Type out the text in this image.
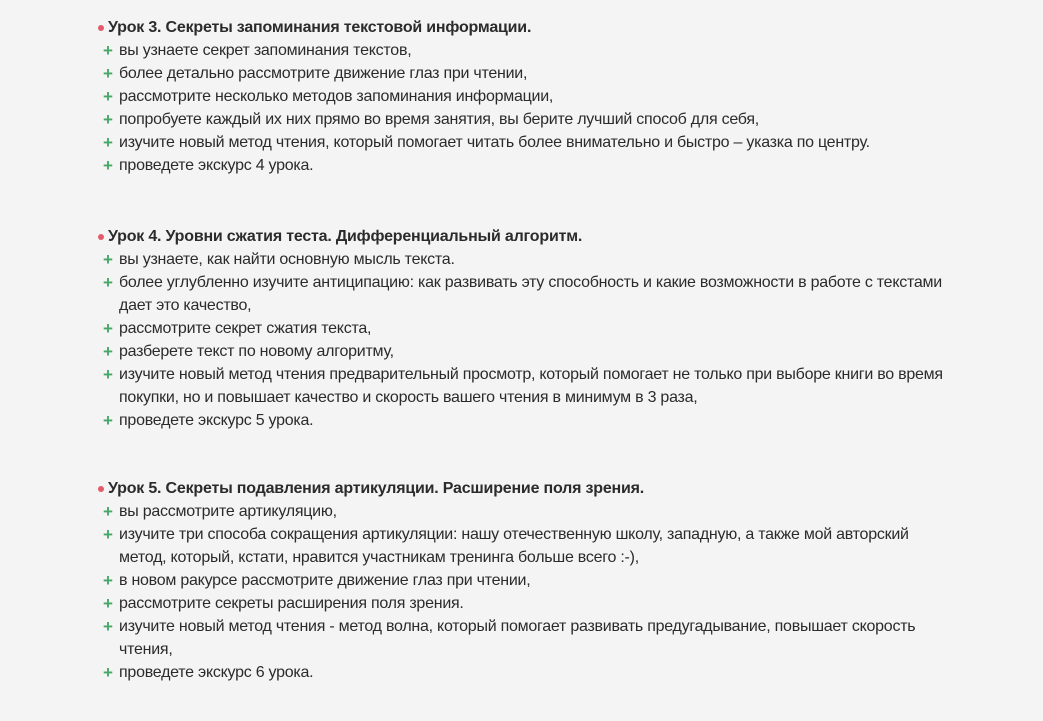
Урок 3. Секреты запоминания текстовой информации.
+ вы узнаете секрет запоминания текстов,
+ более детально рассмотрите движение глаз при чтении,
+ рассмотрите несколько методов запоминания информации,
+ попробуете каждый их них прямо во время занятия, вы берите лучший способ для себя,
+ изучите новый метод чтения, который помогает читать более внимательно и быстро – указка по центру.
+ проведете экскурс 4 урока.
Урок 4. Уровни сжатия теста. Дифференциальный алгоритм.
+ вы узнаете, как найти основную мысль текста.
+ более углубленно изучите антиципацию: как развивать эту способность и какие возможности в работе с текстами дает это качество,
+ рассмотрите секрет сжатия текста,
+ разберете текст по новому алгоритму,
+ изучите новый метод чтения предварительный просмотр, который помогает не только при выборе книги во время покупки, но и повышает качество и скорость вашего чтения в минимум в 3 раза,
+ проведете экскурс 5 урока.
Урок 5. Секреты подавления артикуляции. Расширение поля зрения.
+ вы рассмотрите артикуляцию,
+ изучите три способа сокращения артикуляции: нашу отечественную школу, западную, а также мой авторский метод, который, кстати, нравится участникам тренинга больше всего :-),
+ в новом ракурсе рассмотрите движение глаз при чтении,
+ рассмотрите секреты расширения поля зрения.
+ изучите новый метод чтения - метод волна, который помогает развивать предугадывание, повышает скорость чтения,
+ проведете экскурс 6 урока.
